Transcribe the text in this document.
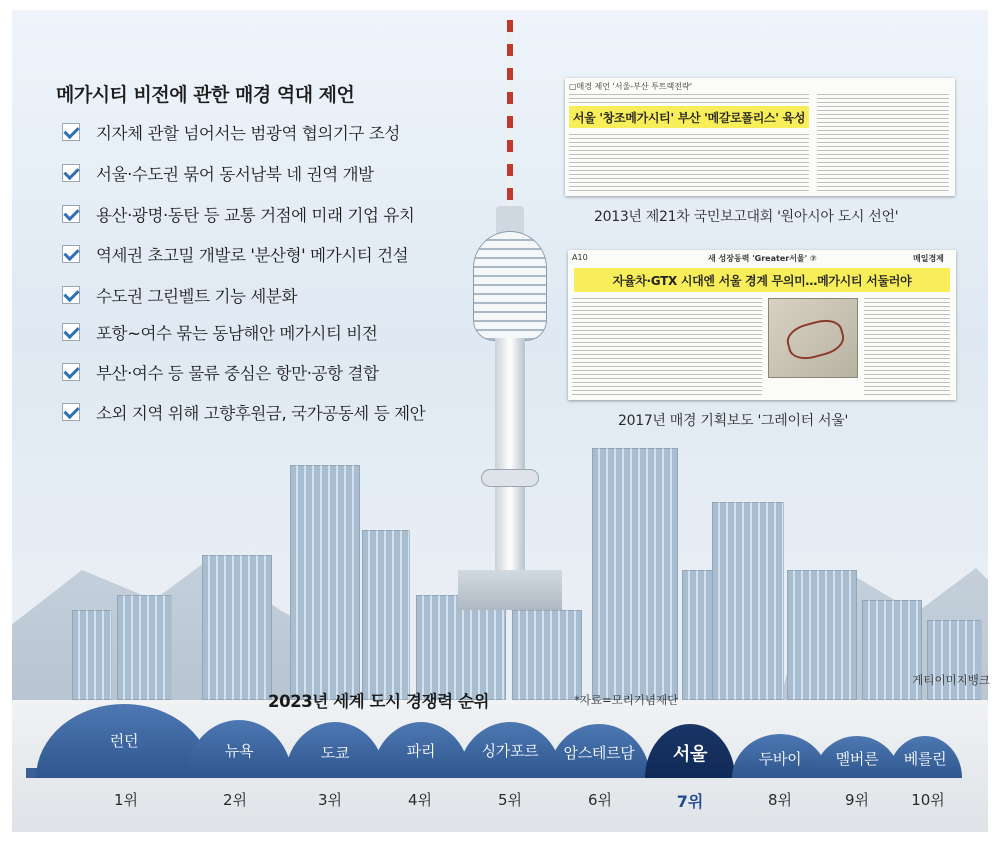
메가시티 비전에 관한 매경 역대 제언
지자체 관할 넘어서는 범광역 협의기구 조성
서울·수도권 묶어 동서남북 네 권역 개발
용산·광명·동탄 등 교통 거점에 미래 기업 유치
역세권 초고밀 개발로 '분산형' 메가시티 건설
수도권 그린벨트 기능 세분화
포항~여수 묶는 동남해안 메가시티 비전
부산·여수 등 물류 중심은 항만·공항 결합
소외 지역 위해 고향후원금, 국가공동세 등 제안
▢매경 제언 '서울-부산 투트랙전략'
서울 '창조메가시티' 부산 '메갈로폴리스' 육성
2013년 제21차 국민보고대회 '원아시아 도시 선언'
A10	새 성장동력 'Greater서울' ⑦	매일경제
자율차·GTX 시대엔 서울 경계 무의미…메가시티 서둘러야
2017년 매경 기획보도 '그레이터 서울'
게티이미지뱅크
2023년 세계 도시 경쟁력 순위	*자료=모리기념재단
런던
뉴욕	도쿄	파리	싱가포르 암스테르담 서울	두바이 멜버른 베를린
1위	2위	3위	4위	5위	6위	7위	8위	9위	10위
